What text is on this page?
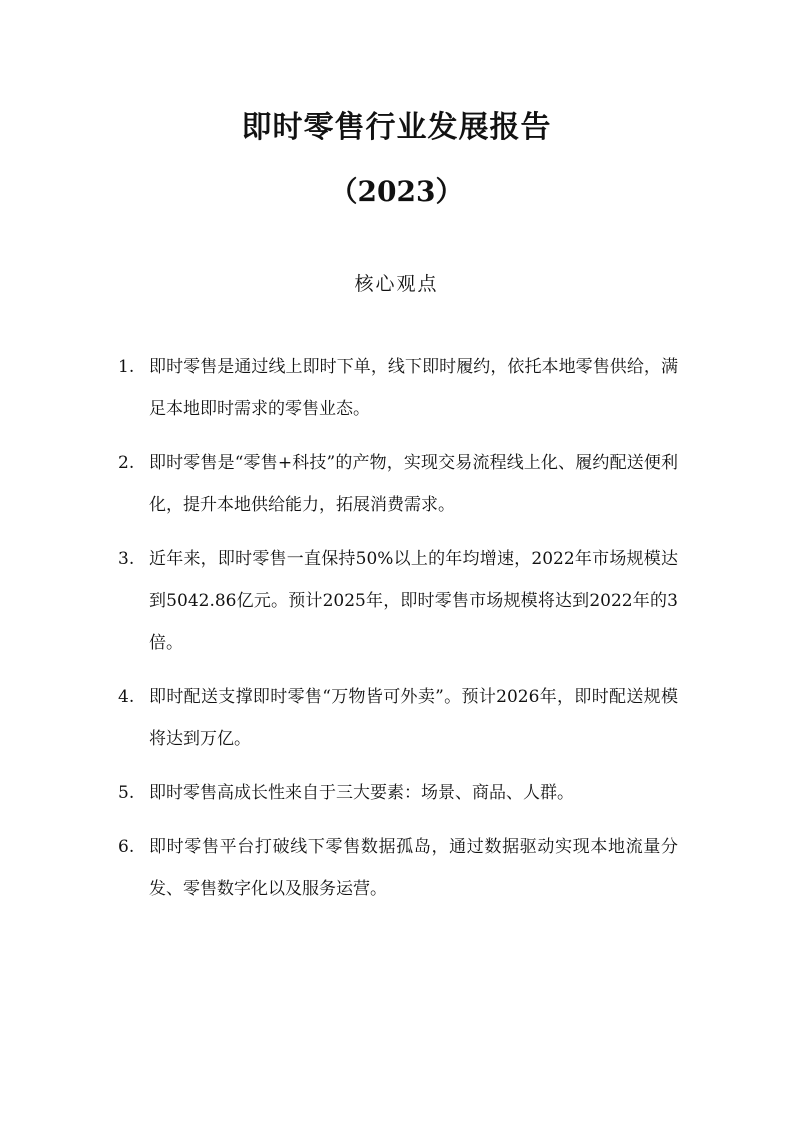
即时零售行业发展报告
（2023）
核心观点
1. 即时零售是通过线上即时下单，线下即时履约，依托本地零售供给，满足本地即时需求的零售业态。
2. 即时零售是“零售+科技”的产物，实现交易流程线上化、履约配送便利化，提升本地供给能力，拓展消费需求。
3. 近年来，即时零售一直保持50%以上的年均增速，2022年市场规模达到5042.86亿元。预计2025年，即时零售市场规模将达到2022年的3倍。
4. 即时配送支撑即时零售“万物皆可外卖”。预计2026年，即时配送规模将达到万亿。
5. 即时零售高成长性来自于三大要素：场景、商品、人群。
6. 即时零售平台打破线下零售数据孤岛，通过数据驱动实现本地流量分发、零售数字化以及服务运营。
